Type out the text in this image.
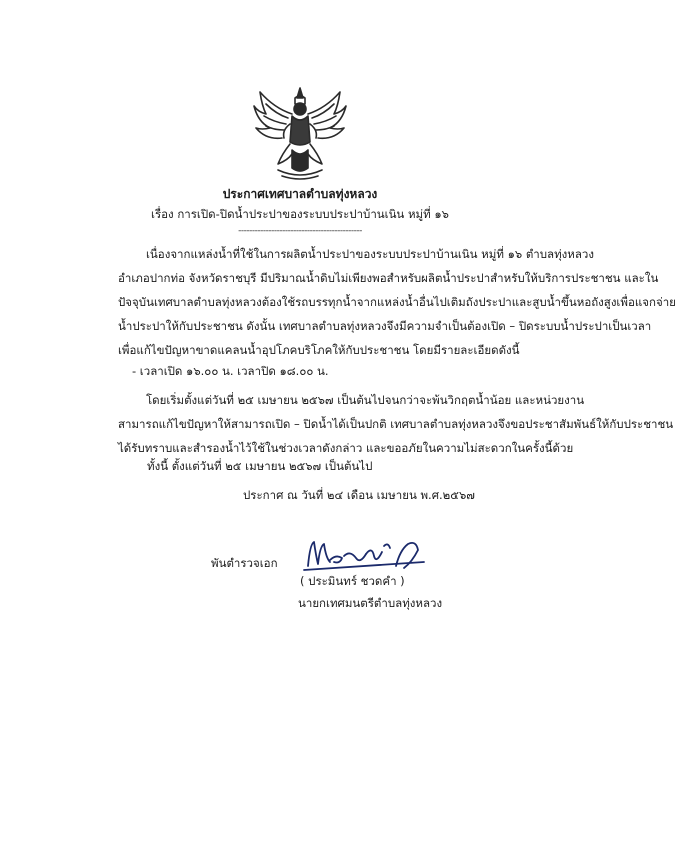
ประกาศเทศบาลตำบลทุ่งหลวง
เรื่อง การเปิด-ปิดน้ำประปาของระบบประปาบ้านเนิน หมู่ที่ ๑๖
---------------------------------------------
เนื่องจากแหล่งน้ำที่ใช้ในการผลิตน้ำประปาของระบบประปาบ้านเนิน หมู่ที่ ๑๖ ตำบลทุ่งหลวง
อำเภอปากท่อ จังหวัดราชบุรี มีปริมาณน้ำดิบไม่เพียงพอสำหรับผลิตน้ำประปาสำหรับให้บริการประชาชน และใน
ปัจจุบันเทศบาลตำบลทุ่งหลวงต้องใช้รถบรรทุกน้ำจากแหล่งน้ำอื่นไปเติมถังประปาและสูบน้ำขึ้นหอถังสูงเพื่อแจกจ่าย
น้ำประปาให้กับประชาชน ดังนั้น เทศบาลตำบลทุ่งหลวงจึงมีความจำเป็นต้องเปิด – ปิดระบบน้ำประปาเป็นเวลา
เพื่อแก้ไขปัญหาขาดแคลนน้ำอุปโภคบริโภคให้กับประชาชน โดยมีรายละเอียดดังนี้
- เวลาเปิด ๑๖.๐๐ น. เวลาปิด ๑๘.๐๐ น.
โดยเริ่มตั้งแต่วันที่ ๒๕ เมษายน ๒๕๖๗ เป็นต้นไปจนกว่าจะพ้นวิกฤตน้ำน้อย และหน่วยงาน
สามารถแก้ไขปัญหาให้สามารถเปิด – ปิดน้ำได้เป็นปกติ เทศบาลตำบลทุ่งหลวงจึงขอประชาสัมพันธ์ให้กับประชาชน
ได้รับทราบและสำรองน้ำไว้ใช้ในช่วงเวลาดังกล่าว และขออภัยในความไม่สะดวกในครั้งนี้ด้วย
ทั้งนี้ ตั้งแต่วันที่ ๒๕ เมษายน ๒๕๖๗ เป็นต้นไป
ประกาศ ณ วันที่ ๒๔ เดือน เมษายน พ.ศ.๒๕๖๗
พันตำรวจเอก
( ประมินทร์ ชวดคำ )
นายกเทศมนตรีตำบลทุ่งหลวง
